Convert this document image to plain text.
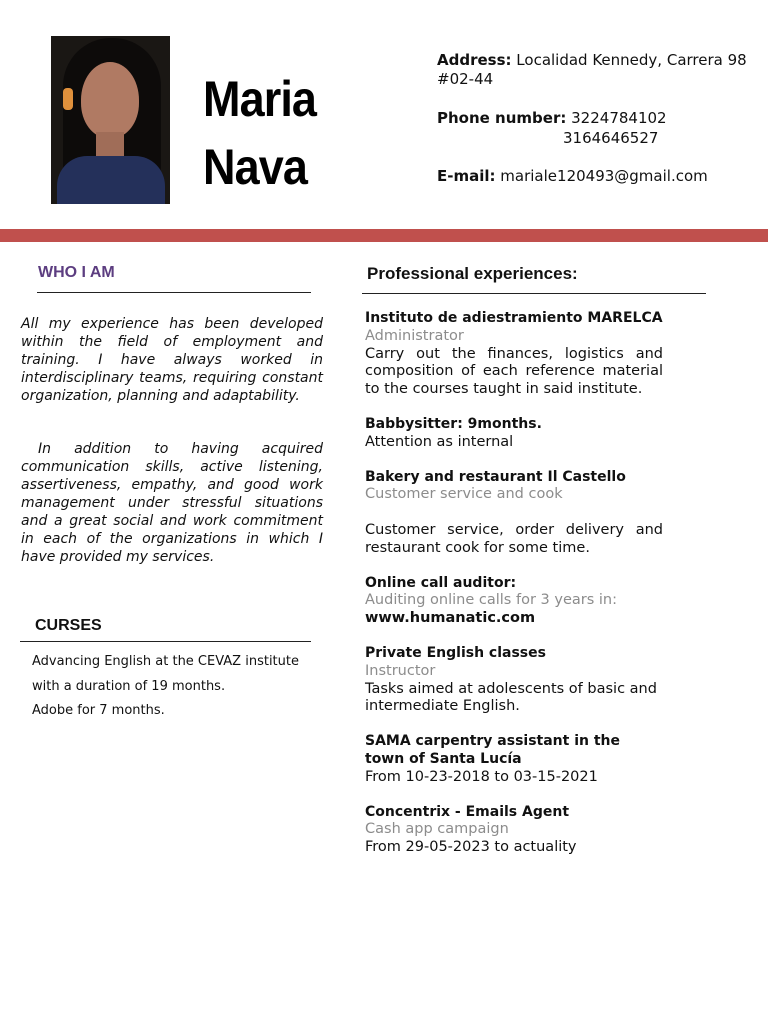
Maria
Nava
Address: Localidad Kennedy, Carrera 98 #02-44
Phone number: 3224784102
3164646527
E-mail: mariale120493@gmail.com
WHO I AM

All my experience has been developed within the field of employment and training. I have always worked in interdisciplinary teams, requiring constant organization, planning and adaptability.

In addition to having acquired communication skills, active listening, assertiveness, empathy, and good work management under stressful situations and a great social and work commitment in each of the organizations in which I have provided my services.

CURSES
Advancing English at the CEVAZ institute
with a duration of 19 months.
Adobe for 7 months.
Professional experiences:
Instituto de adiestramiento MARELCA
Administrator
Carry out the finances, logistics and composition of each reference material to the courses taught in said institute.
Babbysitter: 9months.
Attention as internal
Bakery and restaurant Il Castello
Customer service and cook
Customer service, order delivery and restaurant cook for some time.
Online call auditor:
Auditing online calls for 3 years in:
www.humanatic.com
Private English classes
Instructor
Tasks aimed at adolescents of basic and intermediate English.
SAMA carpentry assistant in the town of Santa Lucía
From 10-23-2018 to 03-15-2021
Concentrix - Emails Agent
Cash app campaign
From 29-05-2023 to actuality
